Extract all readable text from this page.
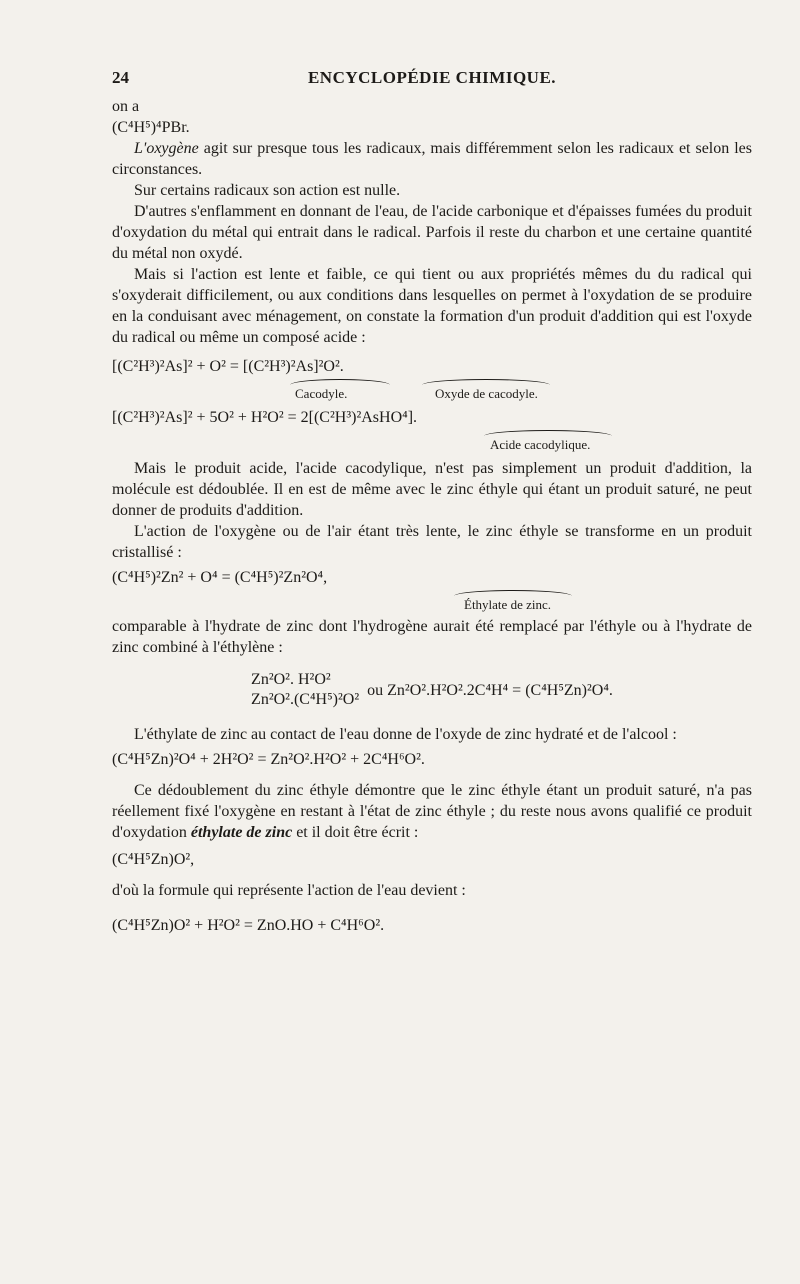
24	ENCYCLOPÉDIE CHIMIQUE.

on a

(C⁴H⁵)⁴PBr.

L'oxygène agit sur presque tous les radicaux, mais différemment selon les radicaux et selon les circonstances.

Sur certains radicaux son action est nulle.

D'autres s'enflamment en donnant de l'eau, de l'acide carbonique et d'épaisses fumées du produit d'oxydation du métal qui entrait dans le radical. Parfois il reste du charbon et une certaine quantité du métal non oxydé.

Mais si l'action est lente et faible, ce qui tient ou aux propriétés mêmes du du radical qui s'oxyderait difficilement, ou aux conditions dans lesquelles on permet à l'oxydation de se produire en la conduisant avec ménagement, on constate la formation d'un produit d'addition qui est l'oxyde du radical ou même un composé acide :

[(C²H³)²As]² + O² = [(C²H³)²As]²O².

Cacodyle.	Oxyde de cacodyle.

[(C²H³)²As]² + 5O² + H²O² = 2[(C²H³)²AsHO⁴].

Acide cacodylique.

Mais le produit acide, l'acide cacodylique, n'est pas simplement un produit d'addition, la molécule est dédoublée. Il en est de même avec le zinc éthyle qui étant un produit saturé, ne peut donner de produits d'addition.

L'action de l'oxygène ou de l'air étant très lente, le zinc éthyle se transforme en un produit cristallisé :

(C⁴H⁵)²Zn² + O⁴ = (C⁴H⁵)²Zn²O⁴,

Éthylate de zinc.

comparable à l'hydrate de zinc dont l'hydrogène aurait été remplacé par l'éthyle ou à l'hydrate de zinc combiné à l'éthylène :

Zn²O². H²O²
Zn²O².(C⁴H⁵)²O²
ou Zn²O².H²O².2C⁴H⁴ = (C⁴H⁵Zn)²O⁴.

L'éthylate de zinc au contact de l'eau donne de l'oxyde de zinc hydraté et de l'alcool :

(C⁴H⁵Zn)²O⁴ + 2H²O² = Zn²O².H²O² + 2C⁴H⁶O².

Ce dédoublement du zinc éthyle démontre que le zinc éthyle étant un produit saturé, n'a pas réellement fixé l'oxygène en restant à l'état de zinc éthyle ; du reste nous avons qualifié ce produit d'oxydation éthylate de zinc et il doit être écrit :

(C⁴H⁵Zn)O²,

d'où la formule qui représente l'action de l'eau devient :

(C⁴H⁵Zn)O² + H²O² = ZnO.HO + C⁴H⁶O².
